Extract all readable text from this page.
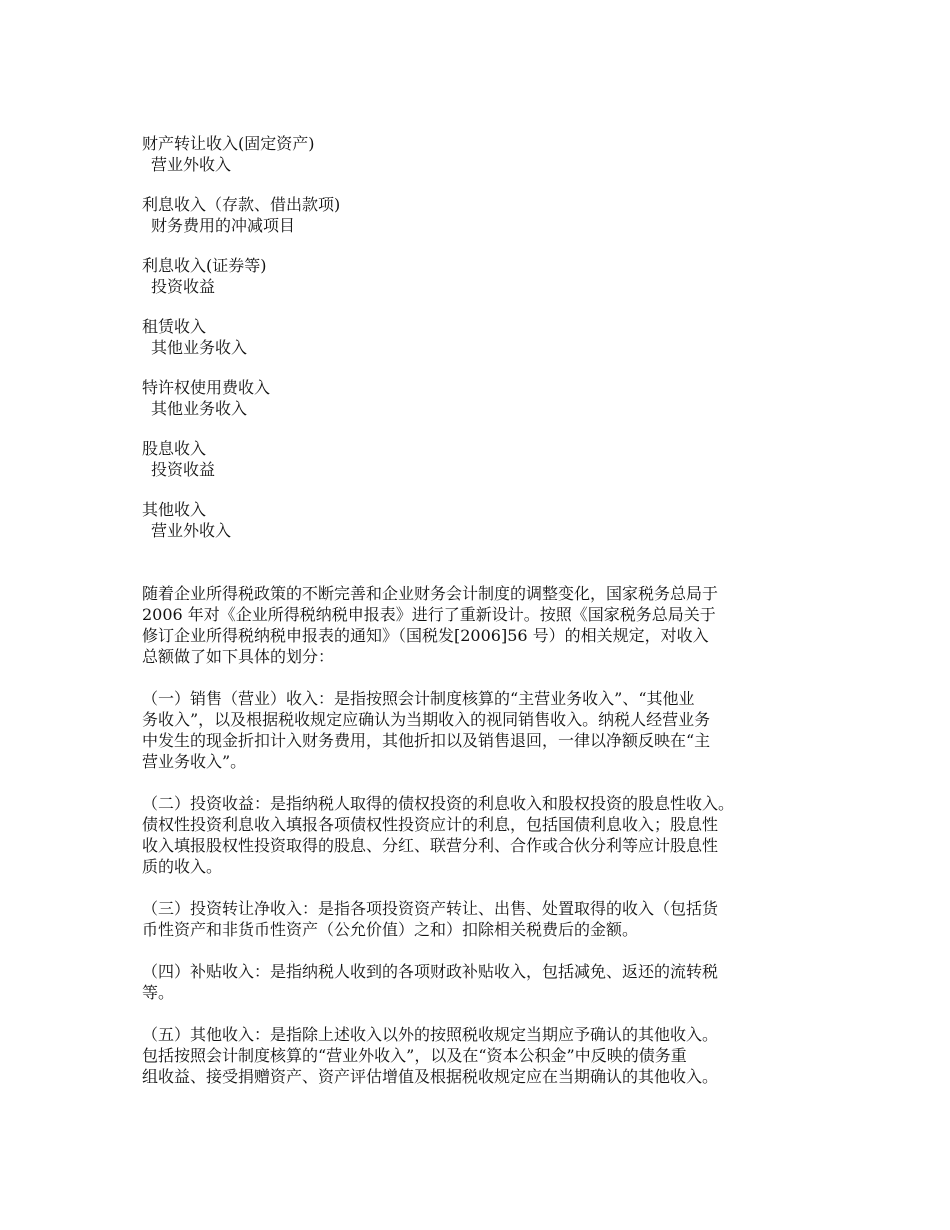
财产转让收入(固定资产)
营业外收入
利息收入（存款、借出款项)
财务费用的冲减项目
利息收入(证券等)
投资收益
租赁收入
其他业务收入
特许权使用费收入
其他业务收入
股息收入
投资收益
其他收入
营业外收入
随着企业所得税政策的不断完善和企业财务会计制度的调整变化，国家税务总局于
2006 年对《企业所得税纳税申报表》进行了重新设计。按照《国家税务总局关于
修订企业所得税纳税申报表的通知》（国税发[2006]56 号）的相关规定，对收入
总额做了如下具体的划分：
（一）销售（营业）收入：是指按照会计制度核算的“主营业务收入”、“其他业
务收入”，以及根据税收规定应确认为当期收入的视同销售收入。纳税人经营业务
中发生的现金折扣计入财务费用，其他折扣以及销售退回，一律以净额反映在“主
营业务收入”。
（二）投资收益：是指纳税人取得的债权投资的利息收入和股权投资的股息性收入。
债权性投资利息收入填报各项债权性投资应计的利息，包括国债利息收入；股息性
收入填报股权性投资取得的股息、分红、联营分利、合作或合伙分利等应计股息性
质的收入。
（三）投资转让净收入：是指各项投资资产转让、出售、处置取得的收入（包括货
币性资产和非货币性资产（公允价值）之和）扣除相关税费后的金额。
（四）补贴收入：是指纳税人收到的各项财政补贴收入，包括减免、返还的流转税
等。
（五）其他收入：是指除上述收入以外的按照税收规定当期应予确认的其他收入。
包括按照会计制度核算的“营业外收入”，以及在“资本公积金”中反映的债务重
组收益、接受捐赠资产、资产评估增值及根据税收规定应在当期确认的其他收入。
